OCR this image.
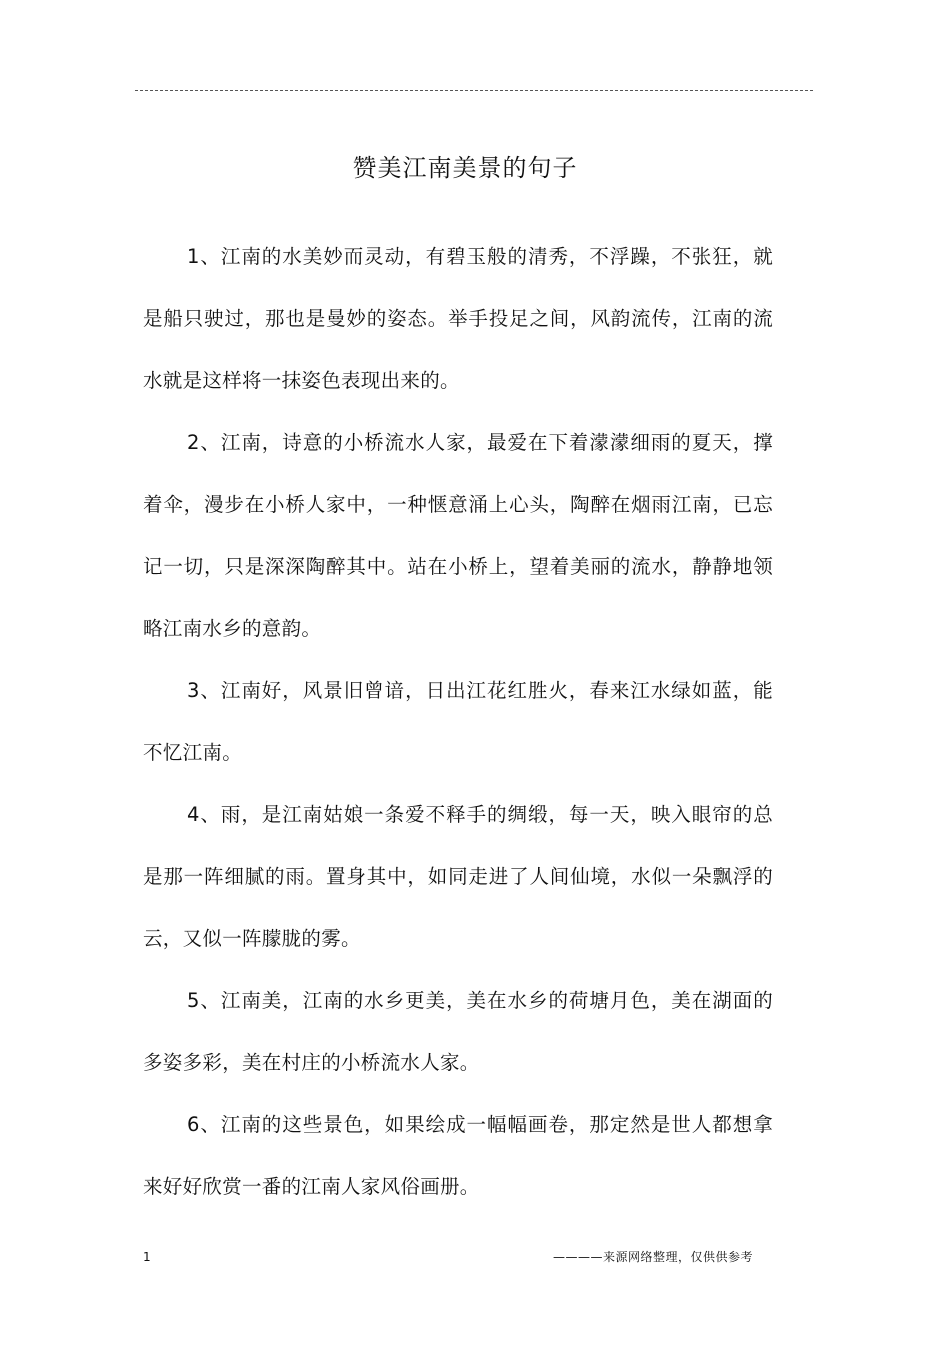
赞美江南美景的句子

1、江南的水美妙而灵动，有碧玉般的清秀，不浮躁，不张狂，就是船只驶过，那也是曼妙的姿态。举手投足之间，风韵流传，江南的流水就是这样将一抹姿色表现出来的。

2、江南，诗意的小桥流水人家，最爱在下着濛濛细雨的夏天，撑着伞，漫步在小桥人家中，一种惬意涌上心头，陶醉在烟雨江南，已忘记一切，只是深深陶醉其中。站在小桥上，望着美丽的流水，静静地领略江南水乡的意韵。

3、江南好，风景旧曾谙，日出江花红胜火，春来江水绿如蓝，能不忆江南。

4、雨，是江南姑娘一条爱不释手的绸缎，每一天，映入眼帘的总是那一阵细腻的雨。置身其中，如同走进了人间仙境，水似一朵飘浮的云，又似一阵朦胧的雾。

5、江南美，江南的水乡更美，美在水乡的荷塘月色，美在湖面的多姿多彩，美在村庄的小桥流水人家。

6、江南的这些景色，如果绘成一幅幅画卷，那定然是世人都想拿来好好欣赏一番的江南人家风俗画册。

1	————来源网络整理，仅供供参考
